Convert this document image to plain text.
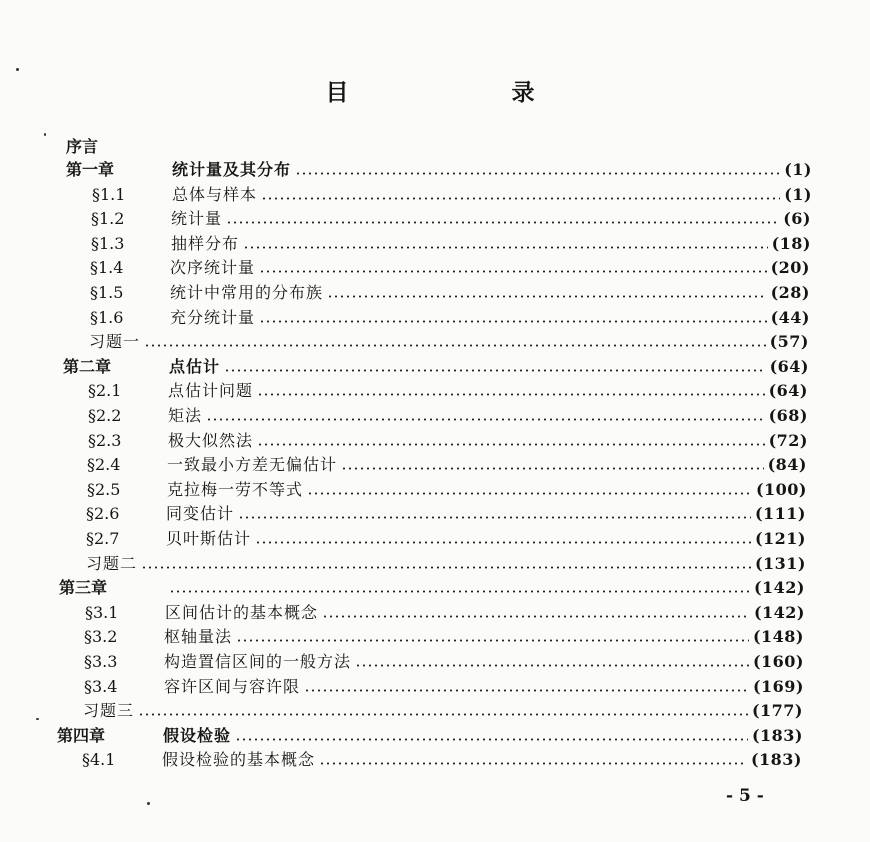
目　录
序言
第一章	统计量及其分布	(1)
§1.1	总体与样本	(1)
§1.2	统计量	(6)
§1.3	抽样分布	(18)
§1.4	次序统计量	(20)
§1.5	统计中常用的分布族	(28)
§1.6	充分统计量	(44)
习题一	(57)
第二章	点估计	(64)
§2.1	点估计问题	(64)
§2.2	矩法	(68)
§2.3	极大似然法	(72)
§2.4	一致最小方差无偏估计	(84)
§2.5	克拉梅一劳不等式	(100)
§2.6	同变估计	(111)
§2.7	贝叶斯估计	(121)
习题二	(131)
第三章	(142)
§3.1	区间估计的基本概念	(142)
§3.2	枢轴量法	(148)
§3.3	构造置信区间的一般方法	(160)
§3.4	容许区间与容许限	(169)
习题三	(177)
第四章	假设检验	(183)
§4.1	假设检验的基本概念	(183)
- 5 -
